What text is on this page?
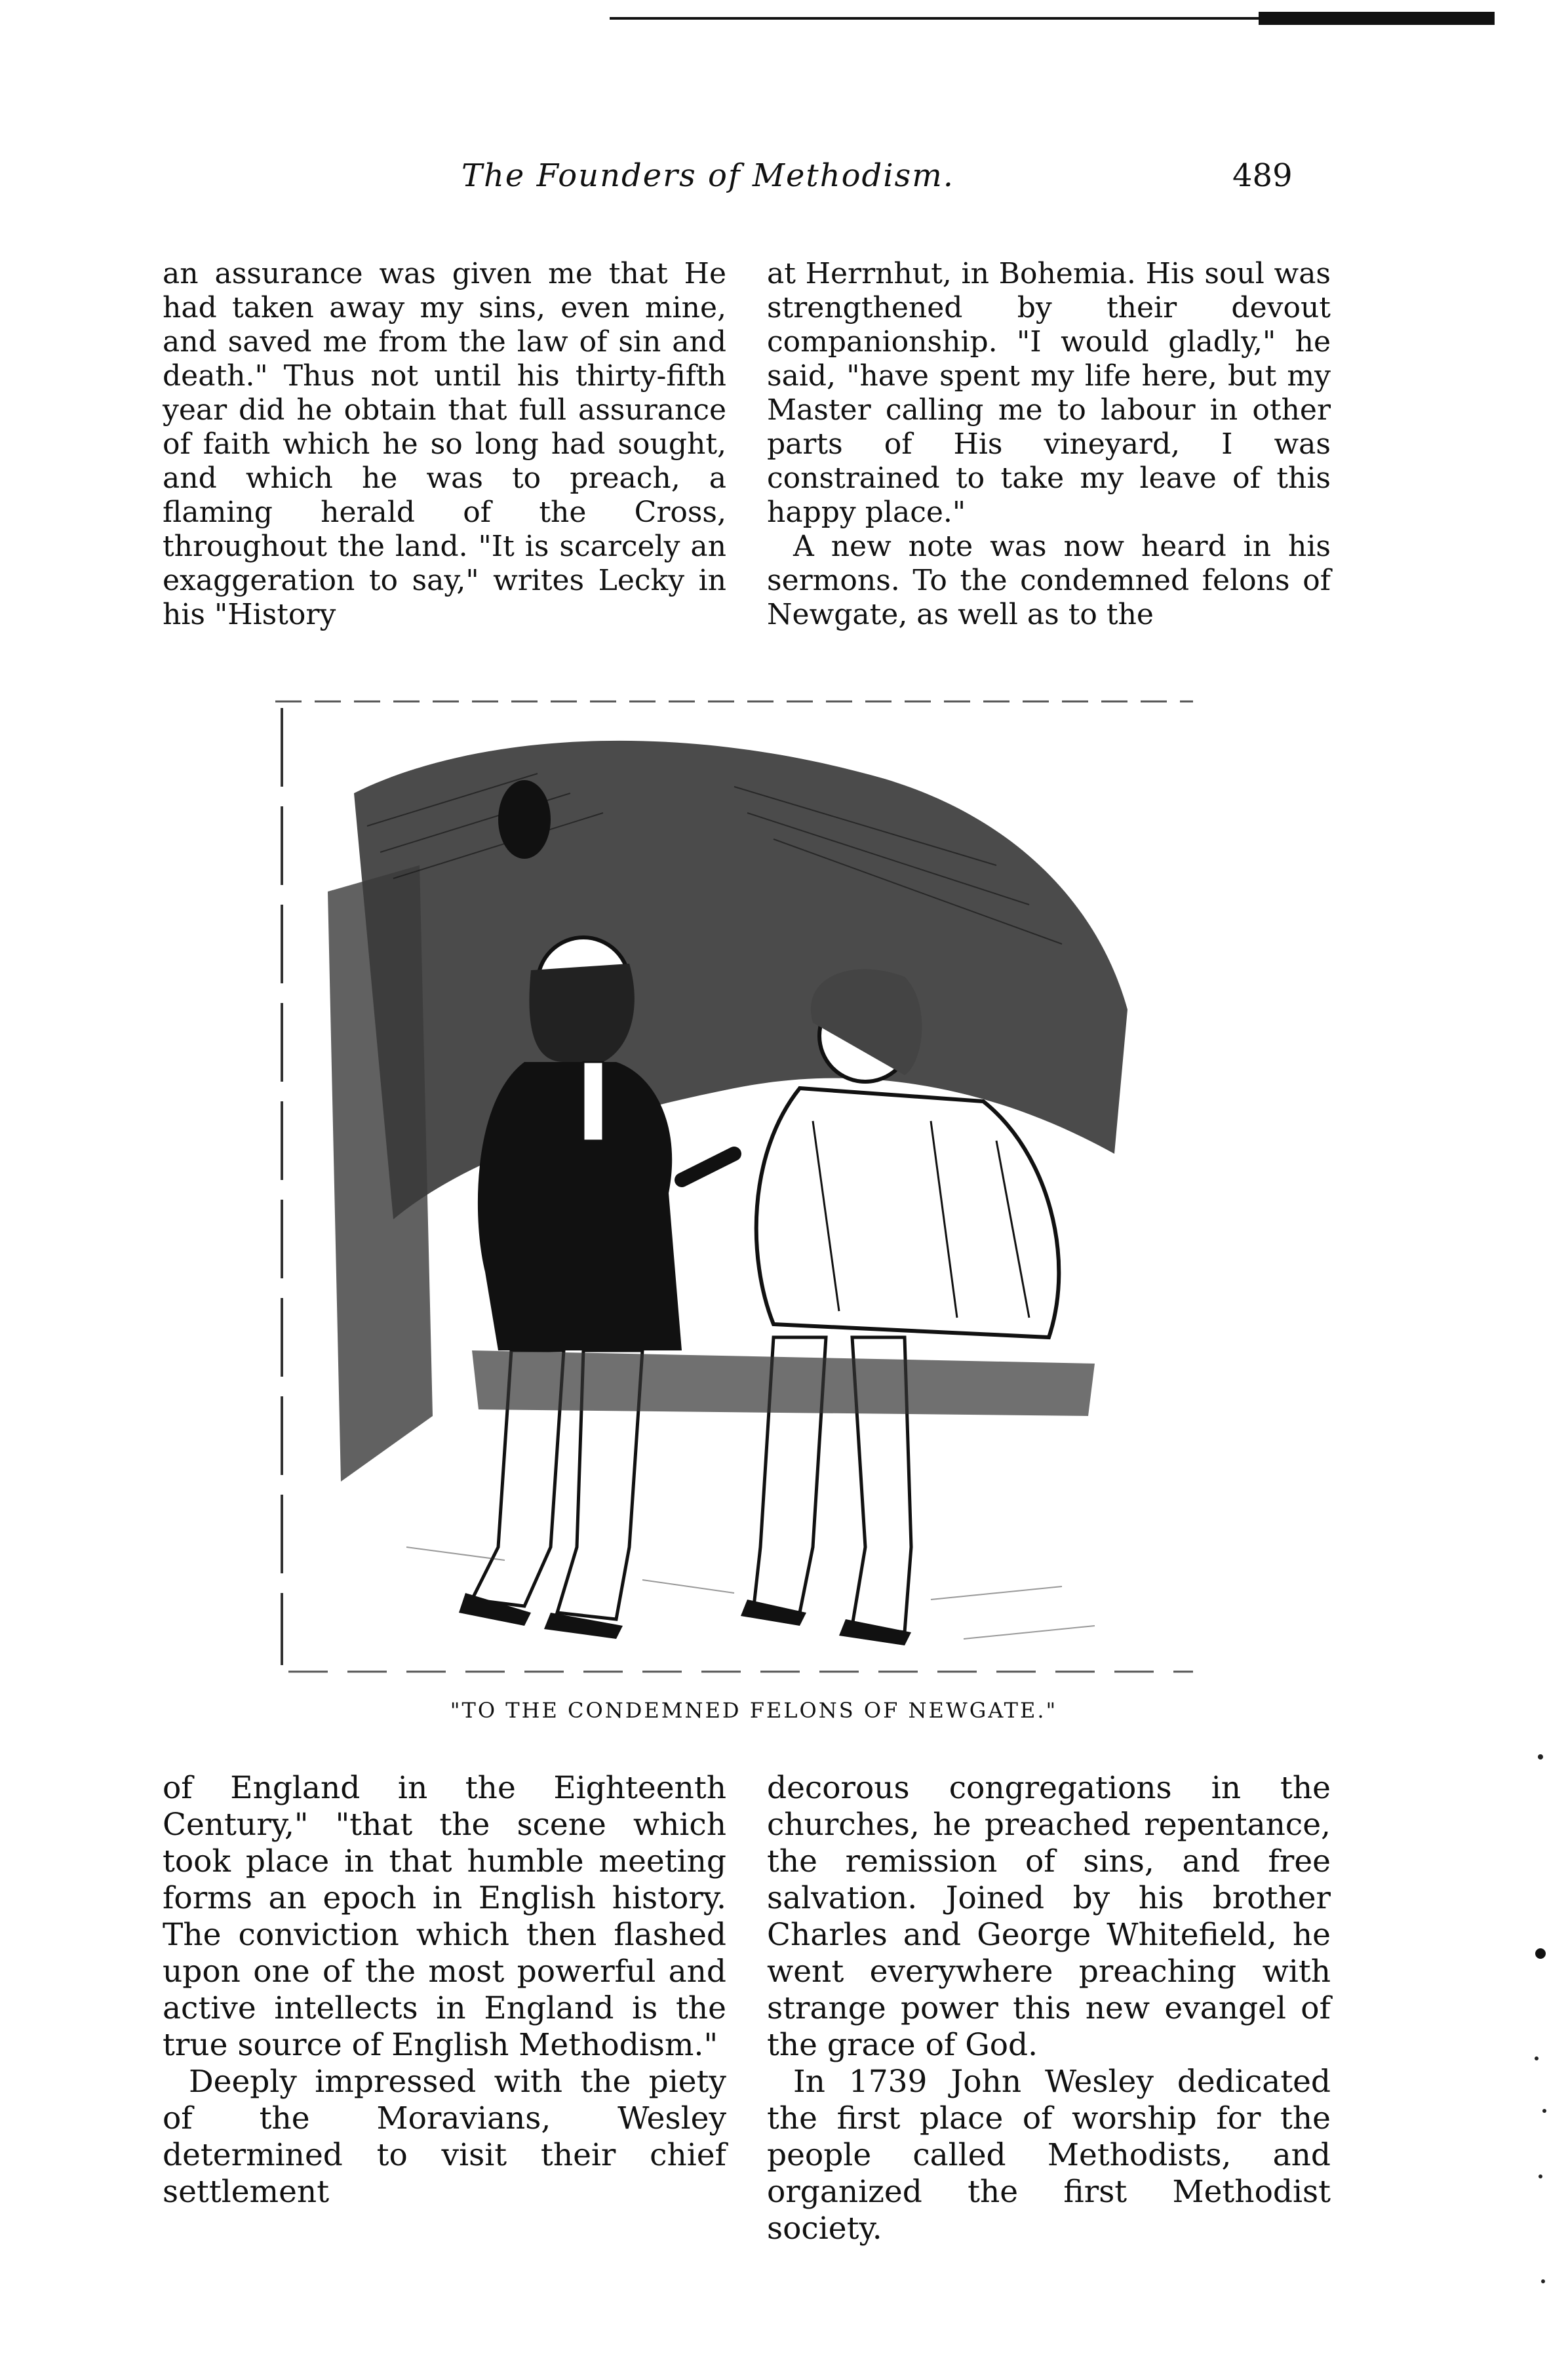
The Founders of Methodism.	489

an assurance was given me that He had taken away my sins, even mine, and saved me from the law of sin and death." Thus not until his thirty-fifth year did he obtain that full assurance of faith which he so long had sought, and which he was to preach, a flaming herald of the Cross, throughout the land. "It is scarcely an exaggeration to say," writes Lecky in his "History

at Herrnhut, in Bohemia. His soul was strengthened by their devout companionship. "I would gladly," he said, "have spent my life here, but my Master calling me to labour in other parts of His vineyard, I was constrained to take my leave of this happy place."

A new note was now heard in his sermons. To the condemned felons of Newgate, as well as to the

"TO THE CONDEMNED FELONS OF NEWGATE."

of England in the Eighteenth Century," "that the scene which took place in that humble meeting forms an epoch in English history. The conviction which then flashed upon one of the most powerful and active intellects in England is the true source of English Methodism."

Deeply impressed with the piety of the Moravians, Wesley determined to visit their chief settlement

decorous congregations in the churches, he preached repentance, the remission of sins, and free salvation. Joined by his brother Charles and George Whitefield, he went everywhere preaching with strange power this new evangel of the grace of God.

In 1739 John Wesley dedicated the first place of worship for the people called Methodists, and organized the first Methodist society.
